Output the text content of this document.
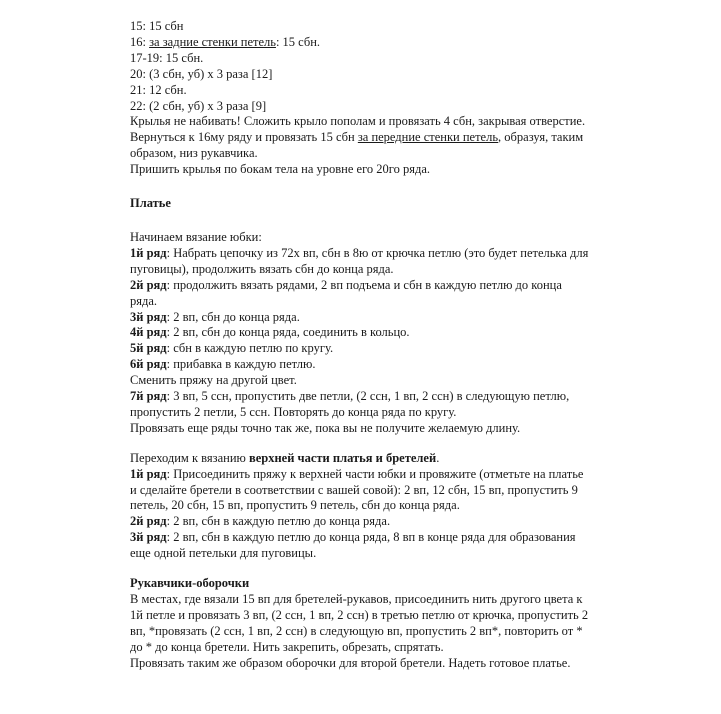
15: 15 сбн
16: за задние стенки петель: 15 сбн.
17-19: 15 сбн.
20: (3 сбн, уб) х 3 раза [12]
21: 12 сбн.
22: (2 сбн, уб) х 3 раза [9]
Крылья не набивать! Сложить крыло пополам и провязать 4 сбн, закрывая отверстие.
Вернуться к 16му ряду и провязать 15 сбн за передние стенки петель, образуя, таким образом, низ рукавчика.
Пришить крылья по бокам тела на уровне его 20го ряда.
Платье
Начинаем вязание юбки:
1й ряд: Набрать цепочку из 72х вп, сбн в 8ю от крючка петлю (это будет петелька для пуговицы), продолжить вязать сбн до конца ряда.
2й ряд: продолжить вязать рядами, 2 вп подъема и сбн в каждую петлю до конца ряда.
3й ряд: 2 вп, сбн до конца ряда.
4й ряд: 2 вп, сбн до конца ряда, соединить в кольцо.
5й ряд: сбн в каждую петлю по кругу.
6й ряд: прибавка в каждую петлю.
Сменить пряжу на другой цвет.
7й ряд: 3 вп, 5 ссн, пропустить две петли, (2 ссн, 1 вп, 2 ссн) в следующую петлю, пропустить 2 петли, 5 ссн. Повторять до конца ряда по кругу.
Провязать еще ряды точно так же, пока вы не получите желаемую длину.
Переходим к вязанию верхней части платья и бретелей.
1й ряд: Присоединить пряжу к верхней части юбки и провяжите (отметьте на платье и сделайте бретели в соответствии с вашей совой): 2 вп, 12 сбн, 15 вп, пропустить 9 петель, 20 сбн, 15 вп, пропустить 9 петель, сбн до конца ряда.
2й ряд: 2 вп, сбн в каждую петлю до конца ряда.
3й ряд: 2 вп, сбн в каждую петлю до конца ряда, 8 вп в конце ряда для образования еще одной петельки для пуговицы.
Рукавчики-оборочки
В местах, где вязали 15 вп для бретелей-рукавов, присоединить нить другого цвета к 1й петле и провязать 3 вп, (2 ссн, 1 вп, 2 ссн) в третью петлю от крючка, пропустить 2 вп, *провязать (2 ссн, 1 вп, 2 ссн) в следующую вп, пропустить 2 вп*, повторить от * до * до конца бретели. Нить закрепить, обрезать, спрятать.
Провязать таким же образом оборочки для второй бретели. Надеть готовое платье.
